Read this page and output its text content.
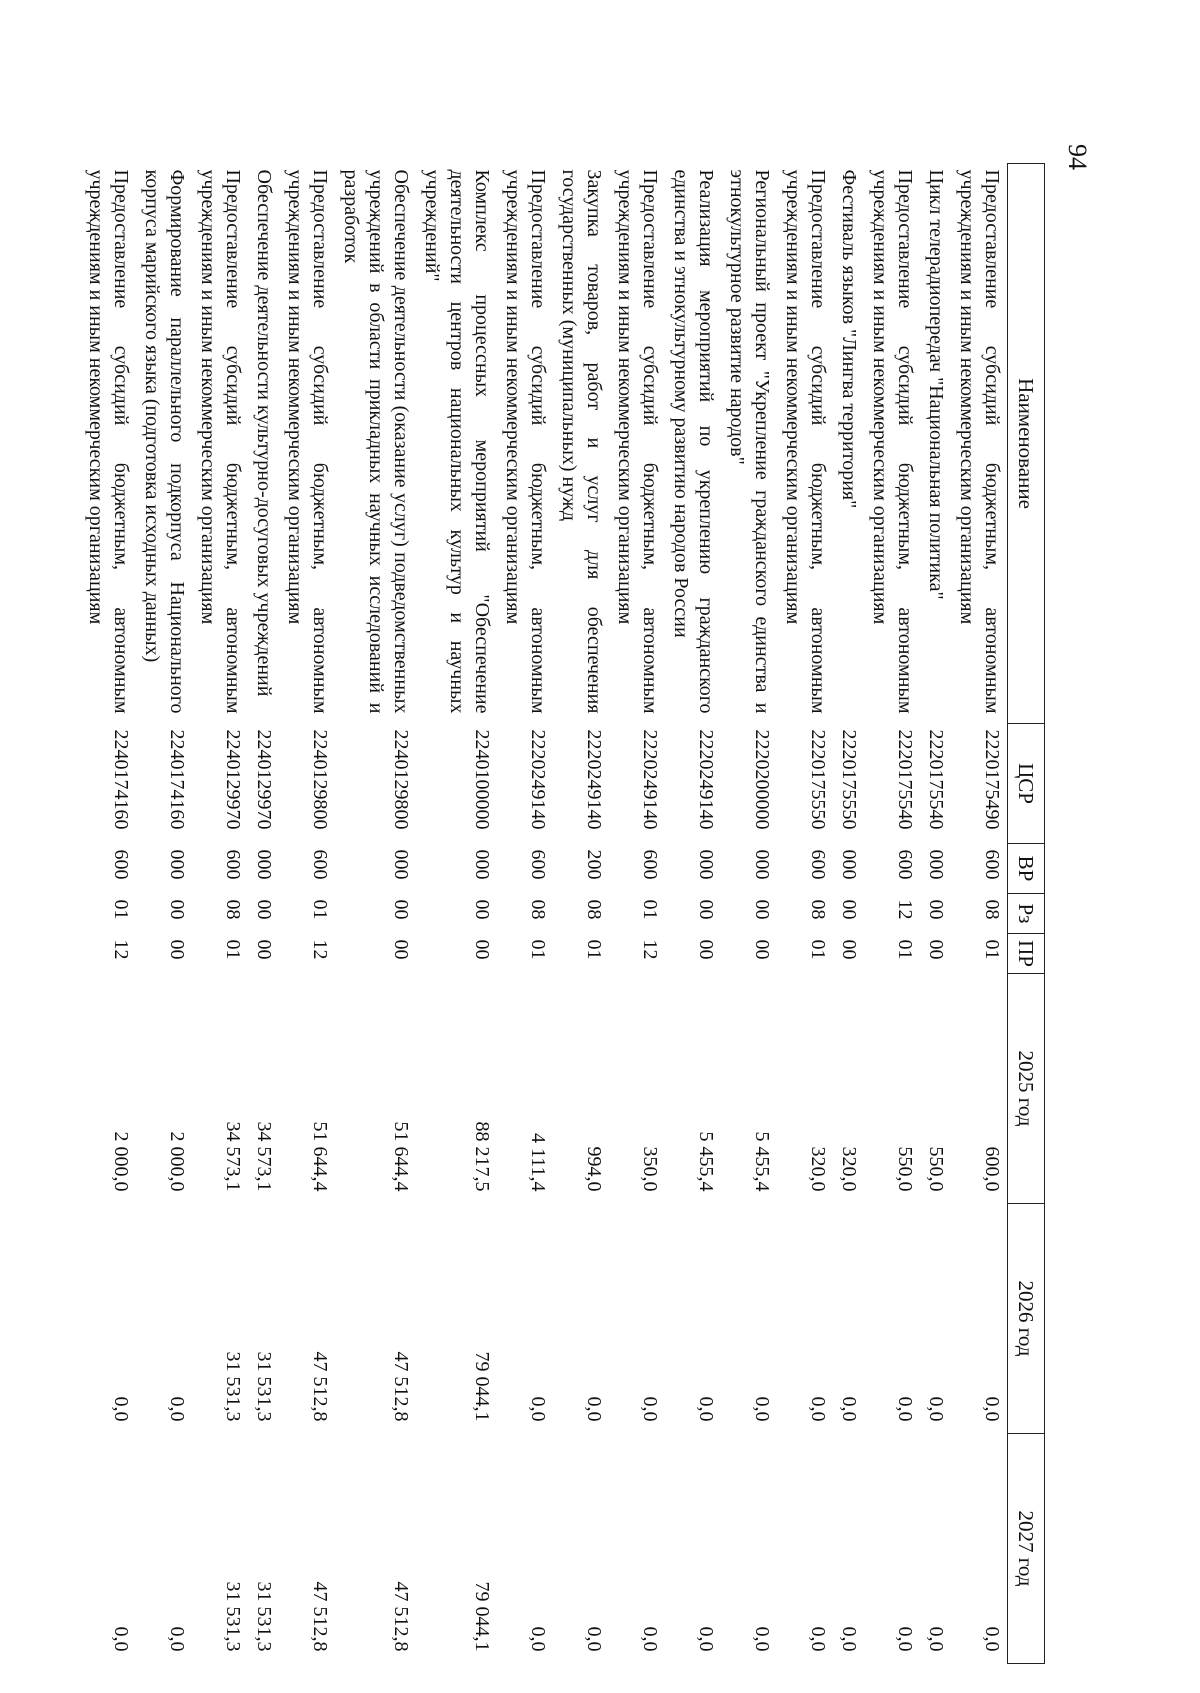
94
Наименование	ЦСР	ВР	Рз	ПР	2025 год	2026 год	2027 год
Предоставление субсидий бюджетным, автономным учреждениям и иным некоммерческим организациям	2220175490	600	08	01	600,0	0,0	0,0
Цикл телерадиопередач "Национальная политика"	2220175540	000	00	00	550,0	0,0	0,0
Предоставление субсидий бюджетным, автономным учреждениям и иным некоммерческим организациям	2220175540	600	12	01	550,0	0,0	0,0
Фестиваль языков "Лингва территория"	2220175550	000	00	00	320,0	0,0	0,0
Предоставление субсидий бюджетным, автономным учреждениям и иным некоммерческим организациям	2220175550	600	08	01	320,0	0,0	0,0
Региональный проект "Укрепление гражданского единства и этнокультурное развитие народов"	2220200000	000	00	00	5 455,4	0,0	0,0
Реализация мероприятий по укреплению гражданского единства и этнокультурному развитию народов России	2220249140	000	00	00	5 455,4	0,0	0,0
Предоставление субсидий бюджетным, автономным учреждениям и иным некоммерческим организациям	2220249140	600	01	12	350,0	0,0	0,0
Закупка товаров, работ и услуг для обеспечения государственных (муниципальных) нужд	2220249140	200	08	01	994,0	0,0	0,0
Предоставление субсидий бюджетным, автономным учреждениям и иным некоммерческим организациям	2220249140	600	08	01	4 111,4	0,0	0,0
Комплекс процессных мероприятий "Обеспечение деятельности центров национальных культур и научных учреждений"	2240100000	000	00	00	88 217,5	79 044,1	79 044,1
Обеспечение деятельности (оказание услуг) подведомственных учреждений в области прикладных научных исследований и разработок	2240129800	000	00	00	51 644,4	47 512,8	47 512,8
Предоставление субсидий бюджетным, автономным учреждениям и иным некоммерческим организациям	2240129800	600	01	12	51 644,4	47 512,8	47 512,8
Обеспечение деятельности культурно-досуговых учреждений	2240129970	000	00	00	34 573,1	31 531,3	31 531,3
Предоставление субсидий бюджетным, автономным учреждениям и иным некоммерческим организациям	2240129970	600	08	01	34 573,1	31 531,3	31 531,3
Формирование параллельного подкорпуса Национального корпуса марийского языка (подготовка исходных данных)	2240174160	000	00	00	2 000,0	0,0	0,0
Предоставление субсидий бюджетным, автономным учреждениям и иным некоммерческим организациям	2240174160	600	01	12	2 000,0	0,0	0,0
